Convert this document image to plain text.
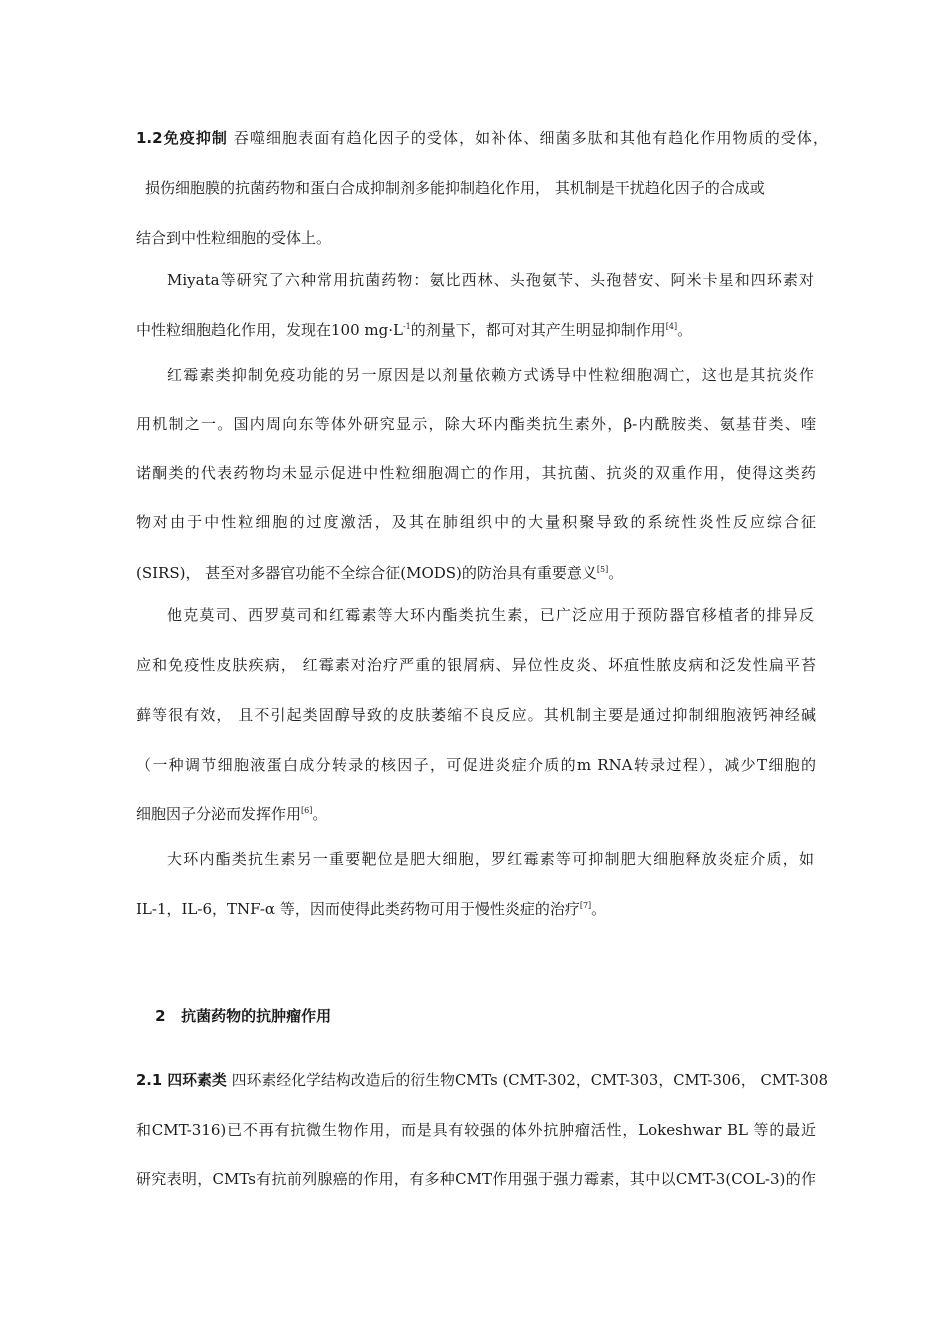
1.2免疫抑制 吞噬细胞表面有趋化因子的受体，如补体、细菌多肽和其他有趋化作用物质的受体，
损伤细胞膜的抗菌药物和蛋白合成抑制剂多能抑制趋化作用， 其机制是干扰趋化因子的合成或
结合到中性粒细胞的受体上。
Miyata等研究了六种常用抗菌药物：氨比西林、头孢氨苄、头孢替安、阿米卡星和四环素对
中性粒细胞趋化作用，发现在100 $mg\cdot L^{-1}$的剂量下，都可对其产生明显抑制作用[4]。
红霉素类抑制免疫功能的另一原因是以剂量依赖方式诱导中性粒细胞凋亡，这也是其抗炎作
用机制之一。国内周向东等体外研究显示，除大环内酯类抗生素外，β-内酰胺类、氨基苷类、喹
诺酮类的代表药物均未显示促进中性粒细胞凋亡的作用，其抗菌、抗炎的双重作用，使得这类药
物对由于中性粒细胞的过度激活，及其在肺组织中的大量积聚导致的系统性炎性反应综合征
(SIRS)， 甚至对多器官功能不全综合征(MODS)的防治具有重要意义[5]。
他克莫司、西罗莫司和红霉素等大环内酯类抗生素，已广泛应用于预防器官移植者的排异反
应和免疫性皮肤疾病， 红霉素对治疗严重的银屑病、异位性皮炎、坏疽性脓皮病和泛发性扁平苔
藓等很有效， 且不引起类固醇导致的皮肤萎缩不良反应。其机制主要是通过抑制细胞液钙神经碱
（一种调节细胞液蛋白成分转录的核因子，可促进炎症介质的m RNA转录过程），减少T细胞的
细胞因子分泌而发挥作用[6]。
大环内酯类抗生素另一重要靶位是肥大细胞，罗红霉素等可抑制肥大细胞释放炎症介质，如
IL-1，IL-6，TNF-α 等，因而使得此类药物可用于慢性炎症的治疗[7]。

2   抗菌药物的抗肿瘤作用

2.1 四环素类 四环素经化学结构改造后的衍生物CMTs (CMT-302，CMT-303，CMT-306， CMT-308
和CMT-316)已不再有抗微生物作用，而是具有较强的体外抗肿瘤活性，Lokeshwar BL 等的最近
研究表明，CMTs有抗前列腺癌的作用，有多种CMT作用强于强力霉素，其中以CMT-3(COL-3)的作
